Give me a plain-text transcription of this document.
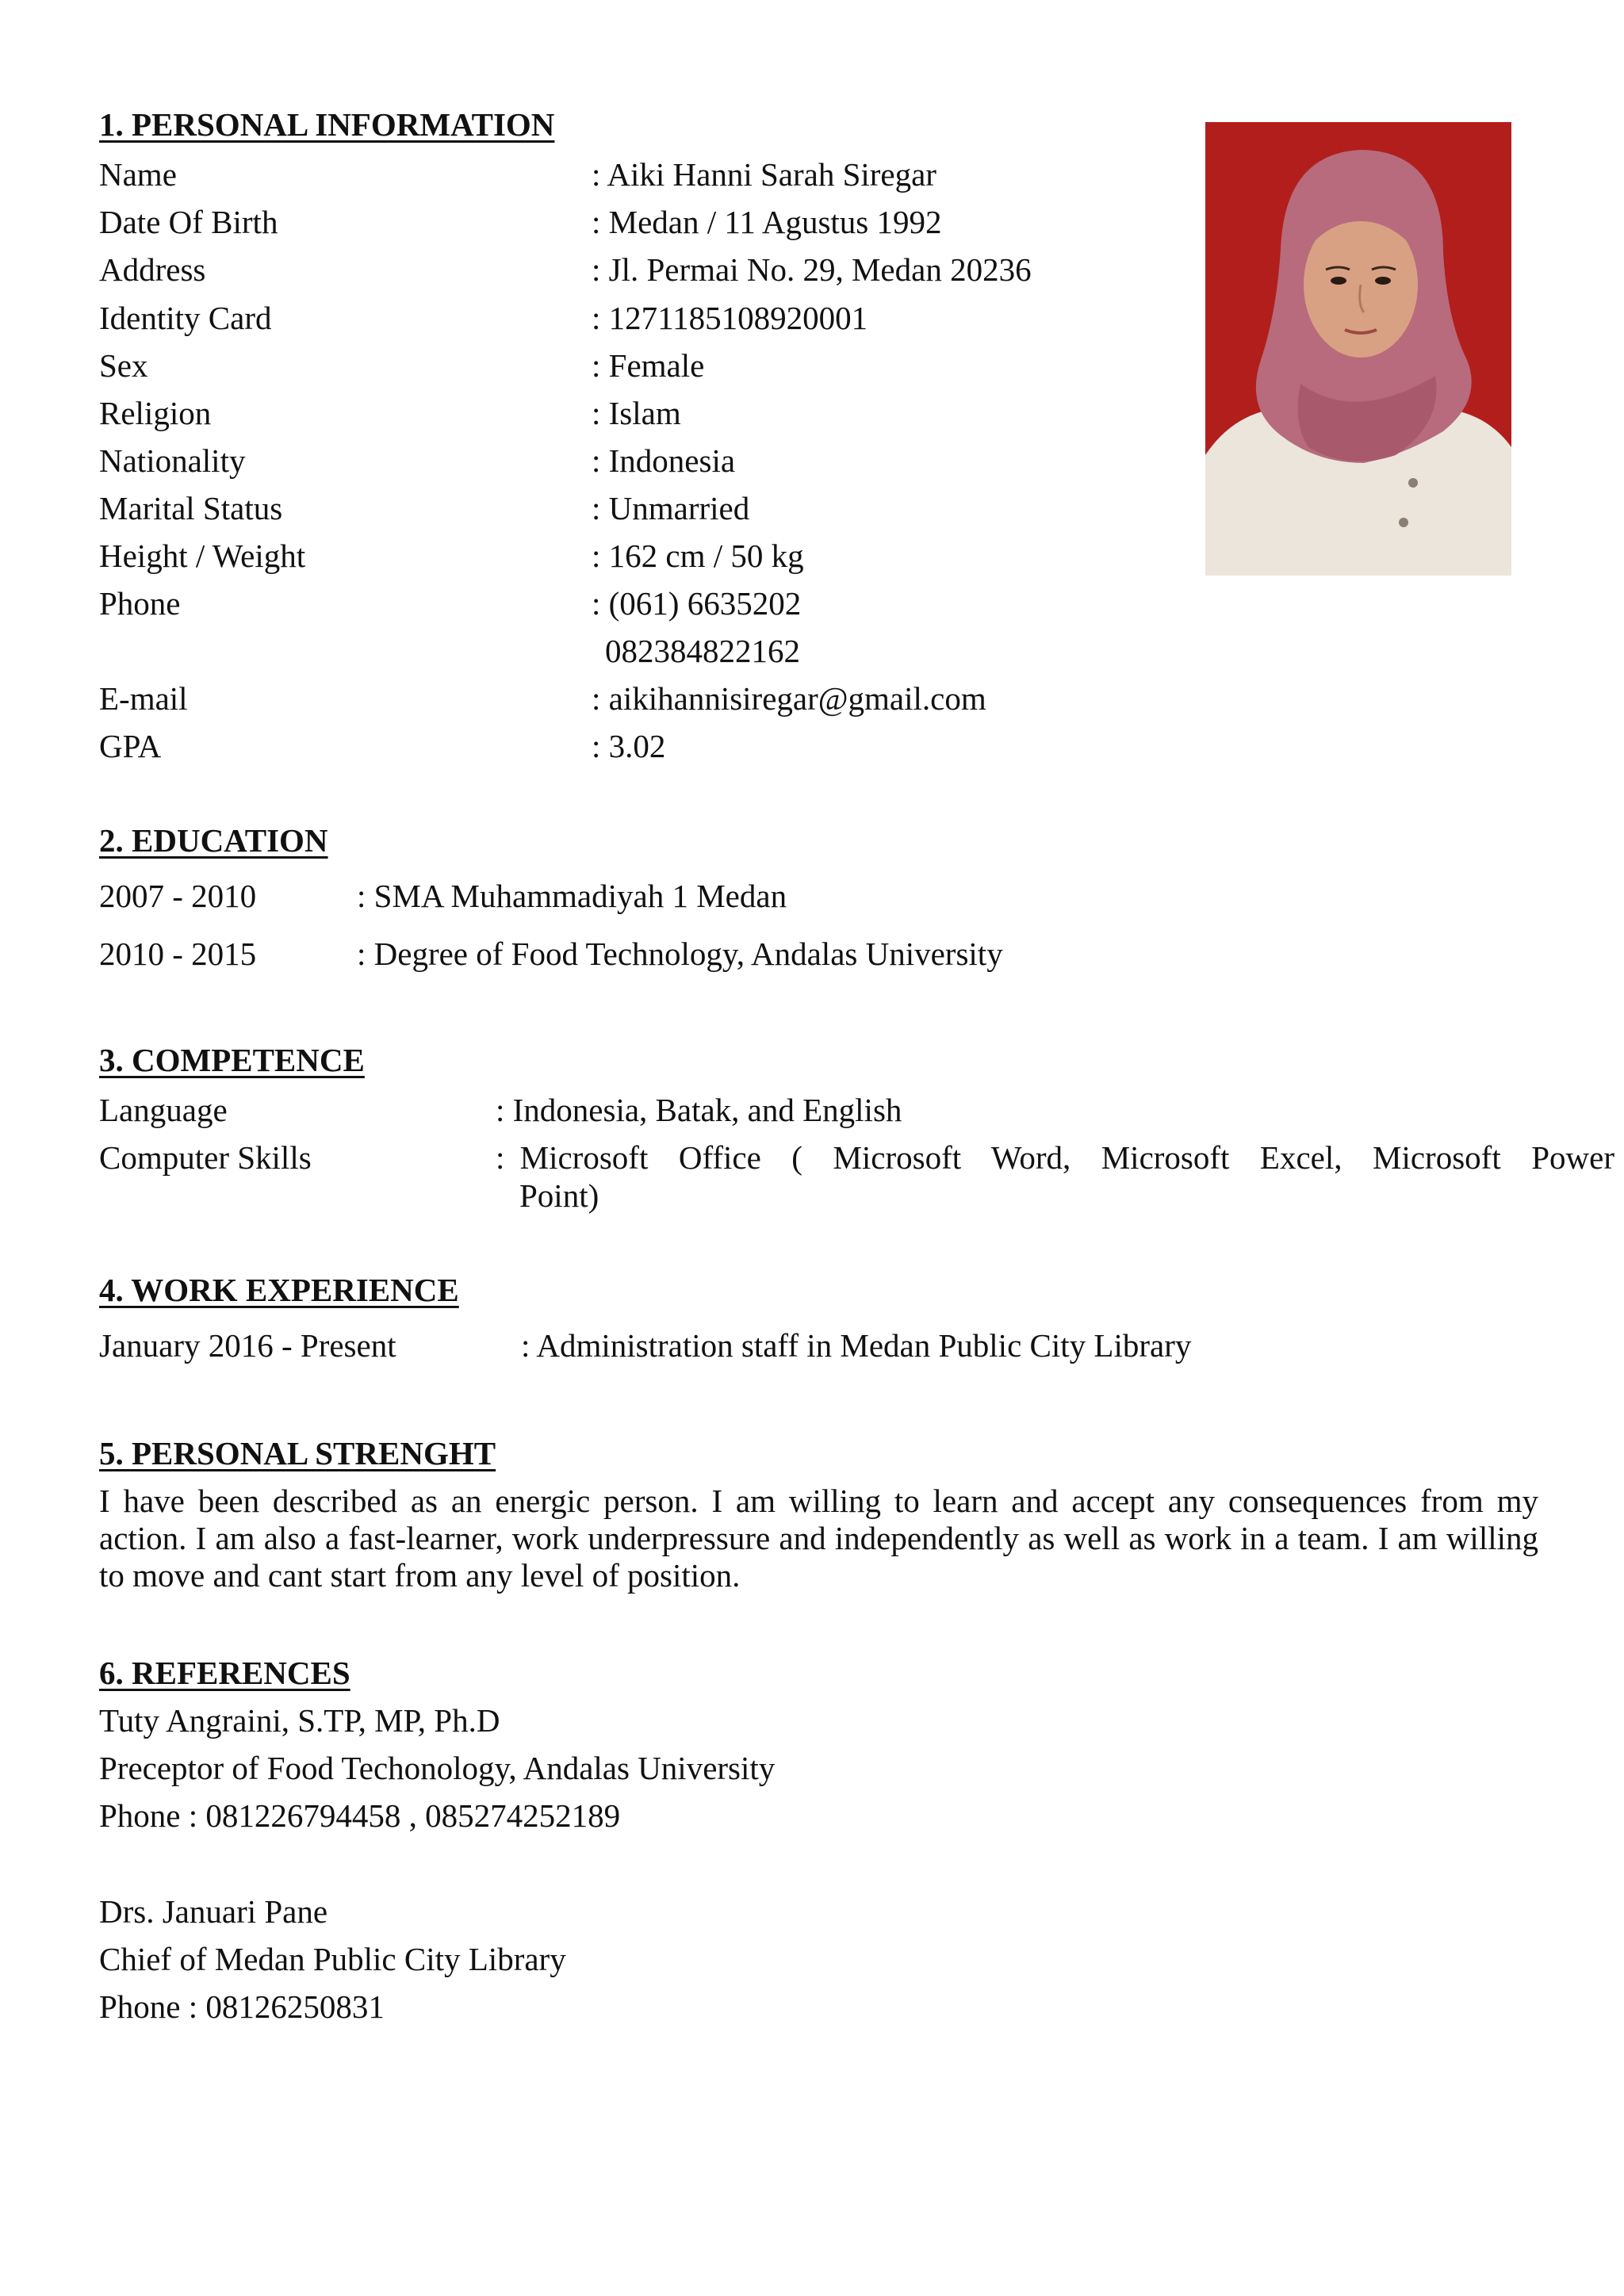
1. PERSONAL INFORMATION
Name	: Aiki Hanni Sarah Siregar
Date Of Birth	: Medan / 11 Agustus 1992
Address	: Jl. Permai No. 29, Medan 20236
Identity Card	: 1271185108920001
Sex	: Female
Religion	: Islam
Nationality	: Indonesia
Marital Status	: Unmarried
Height / Weight	: 162 cm / 50 kg
Phone	: (061) 6635202
082384822162
E-mail	: aikihannisiregar@gmail.com
GPA	: 3.02
2. EDUCATION
2007 - 2010	: SMA Muhammadiyah 1 Medan
2010 - 2015	: Degree of Food Technology, Andalas University
3. COMPETENCE
Language	: Indonesia, Batak, and English
Computer Skills	: Microsoft  Office  (  Microsoft  Word,  Microsoft  Excel,  Microsoft  Power
Point)
4. WORK EXPERIENCE
January 2016 - Present	: Administration staff in Medan Public City Library
5. PERSONAL STRENGHT
I have been described as an energic person. I am willing to learn and accept any consequences from my action. I am also a fast-learner, work underpressure and independently as well as work in a team. I am willing to move and cant start from any level of position.
6. REFERENCES
Tuty Angraini, S.TP, MP, Ph.D
Preceptor of Food Techonology, Andalas University
Phone : 081226794458 , 085274252189
Drs. Januari Pane
Chief of Medan Public City Library
Phone : 08126250831
